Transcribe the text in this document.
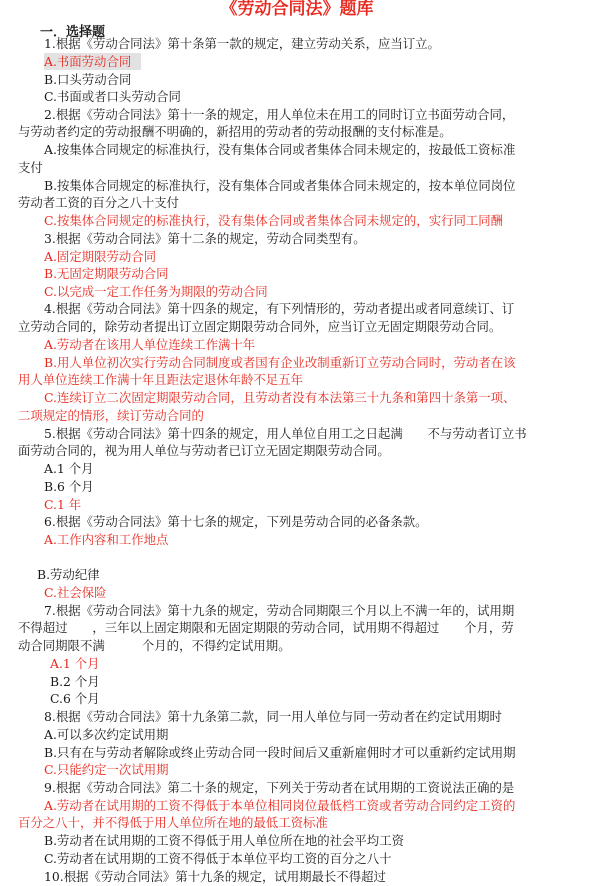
《劳动合同法》题库
一．选择题
1.根据《劳动合同法》第十条第一款的规定，建立劳动关系，应当订立。
A.书面劳动合同
B.口头劳动合同
C.书面或者口头劳动合同
2.根据《劳动合同法》第十一条的规定，用人单位未在用工的同时订立书面劳动合同，
与劳动者约定的劳动报酬不明确的，新招用的劳动者的劳动报酬的支付标准是。
A.按集体合同规定的标准执行，没有集体合同或者集体合同未规定的，按最低工资标准
支付
B.按集体合同规定的标准执行，没有集体合同或者集体合同未规定的，按本单位同岗位
劳动者工资的百分之八十支付
C.按集体合同规定的标准执行，没有集体合同或者集体合同未规定的，实行同工同酬
3.根据《劳动合同法》第十二条的规定，劳动合同类型有。
A.固定期限劳动合同
B.无固定期限劳动合同
C.以完成一定工作任务为期限的劳动合同
4.根据《劳动合同法》第十四条的规定，有下列情形的，劳动者提出或者同意续订、订
立劳动合同的，除劳动者提出订立固定期限劳动合同外，应当订立无固定期限劳动合同。
A.劳动者在该用人单位连续工作满十年
B.用人单位初次实行劳动合同制度或者国有企业改制重新订立劳动合同时，劳动者在该
用人单位连续工作满十年且距法定退休年龄不足五年
C.连续订立二次固定期限劳动合同，且劳动者没有本法第三十九条和第四十条第一项、
二项规定的情形，续订劳动合同的
5.根据《劳动合同法》第十四条的规定，用人单位自用工之日起满　　不与劳动者订立书
面劳动合同的，视为用人单位与劳动者已订立无固定期限劳动合同。
A.1 个月
B.6 个月
C.1 年
6.根据《劳动合同法》第十七条的规定，下列是劳动合同的必备条款。
A.工作内容和工作地点
B.劳动纪律
C.社会保险
7.根据《劳动合同法》第十九条的规定，劳动合同期限三个月以上不满一年的，试用期
不得超过　　，三年以上固定期限和无固定期限的劳动合同，试用期不得超过　　个月，劳
动合同期限不满　　　个月的，不得约定试用期。
A.1 个月
B.2 个月
C.6 个月
8.根据《劳动合同法》第十九条第二款，同一用人单位与同一劳动者在约定试用期时
A.可以多次约定试用期
B.只有在与劳动者解除或终止劳动合同一段时间后又重新雇佣时才可以重新约定试用期
C.只能约定一次试用期
9.根据《劳动合同法》第二十条的规定，下列关于劳动者在试用期的工资说法正确的是
A.劳动者在试用期的工资不得低于本单位相同岗位最低档工资或者劳动合同约定工资的
百分之八十，并不得低于用人单位所在地的最低工资标准
B.劳动者在试用期的工资不得低于用人单位所在地的社会平均工资
C.劳动者在试用期的工资不得低于本单位平均工资的百分之八十
10.根据《劳动合同法》第十九条的规定，试用期最长不得超过
